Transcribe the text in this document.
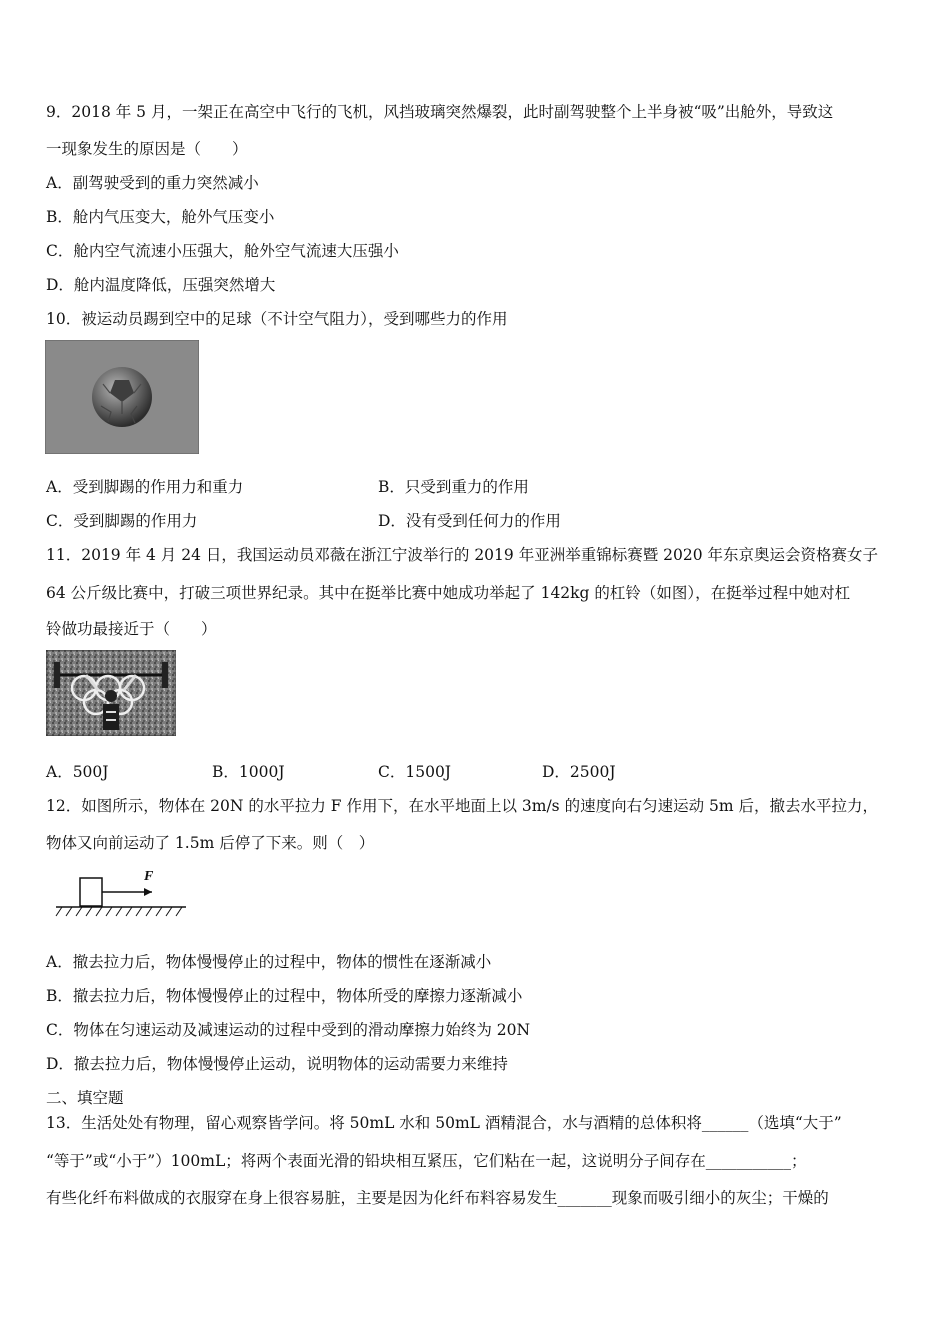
9．2018 年 5 月，一架正在高空中飞行的飞机，风挡玻璃突然爆裂，此时副驾驶整个上半身被“吸”出舱外，导致这
一现象发生的原因是（　　）
A．副驾驶受到的重力突然减小
B．舱内气压变大，舱外气压变小
C．舱内空气流速小压强大，舱外空气流速大压强小
D．舱内温度降低，压强突然增大
10．被运动员踢到空中的足球（不计空气阻力），受到哪些力的作用
A．受到脚踢的作用力和重力	B．只受到重力的作用
C．受到脚踢的作用力	D．没有受到任何力的作用
11．2019 年 4 月 24 日，我国运动员邓薇在浙江宁波举行的 2019 年亚洲举重锦标赛暨 2020 年东京奥运会资格赛女子
64 公斤级比赛中，打破三项世界纪录。其中在挺举比赛中她成功举起了 142kg 的杠铃（如图），在挺举过程中她对杠
铃做功最接近于（　　）
A．500J	B．1000J	C．1500J	D．2500J
12．如图所示，物体在 20N 的水平拉力 F 作用下，在水平地面上以 3m/s 的速度向右匀速运动 5m 后，撤去水平拉力，
物体又向前运动了 1.5m 后停了下来。则（　）
F
A．撤去拉力后，物体慢慢停止的过程中，物体的惯性在逐渐减小
B．撤去拉力后，物体慢慢停止的过程中，物体所受的摩擦力逐渐减小
C．物体在匀速运动及减速运动的过程中受到的滑动摩擦力始终为 20N
D．撤去拉力后，物体慢慢停止运动，说明物体的运动需要力来维持
二、填空题
13．生活处处有物理，留心观察皆学问。将 50mL 水和 50mL 酒精混合，水与酒精的总体积将______（选填“大于”
“等于”或“小于”）100mL；将两个表面光滑的铅块相互紧压，它们粘在一起，这说明分子间存在___________；
有些化纤布料做成的衣服穿在身上很容易脏，主要是因为化纤布料容易发生_______现象而吸引细小的灰尘；干燥的
